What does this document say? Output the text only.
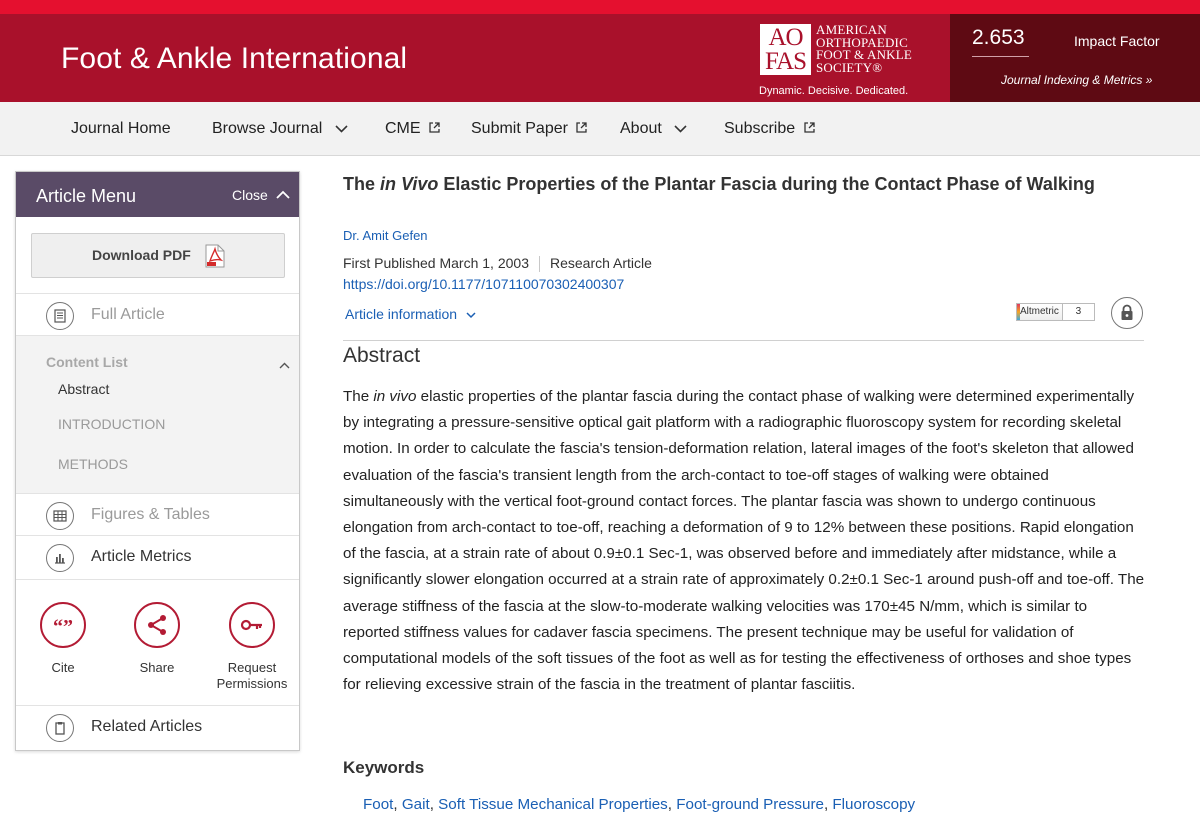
Foot & Ankle International
AO
FAS
AMERICAN
ORTHOPAEDIC
FOOT & ANKLE
SOCIETY®
Dynamic. Decisive. Dedicated.
2.653	Impact Factor
Journal Indexing & Metrics »
Journal Home	Browse Journal	CME	Submit Paper	About	Subscribe
Article Menu	Close
Download PDF
Full Article
Content List
Abstract
INTRODUCTION
METHODS
Figures & Tables
Article Metrics
“”
Cite	Share	Request
Permissions
Related Articles
The in Vivo Elastic Properties of the Plantar Fascia during the Contact Phase of Walking
Dr. Amit Gefen
First Published March 1, 2003 Research Article
https://doi.org/10.1177/107110070302400307
Article information	Altmetric	3
Abstract
The in vivo elastic properties of the plantar fascia during the contact phase of walking were determined experimentally by integrating a pressure-sensitive optical gait platform with a radiographic fluoroscopy system for recording skeletal motion. In order to calculate the fascia's tension-deformation relation, lateral images of the foot's skeleton that allowed evaluation of the fascia's transient length from the arch-contact to toe-off stages of walking were obtained simultaneously with the vertical foot-ground contact forces. The plantar fascia was shown to undergo continuous elongation from arch-contact to toe-off, reaching a deformation of 9 to 12% between these positions. Rapid elongation of the fascia, at a strain rate of about 0.9±0.1 Sec-1, was observed before and immediately after midstance, while a significantly slower elongation occurred at a strain rate of approximately 0.2±0.1 Sec-1 around push-off and toe-off. The average stiffness of the fascia at the slow-to-moderate walking velocities was 170±45 N/mm, which is similar to reported stiffness values for cadaver fascia specimens. The present technique may be useful for validation of computational models of the soft tissues of the foot as well as for testing the effectiveness of orthoses and shoe types for relieving excessive strain of the fascia in the treatment of plantar fasciitis.
Keywords
Foot, Gait, Soft Tissue Mechanical Properties, Foot-ground Pressure, Fluoroscopy
